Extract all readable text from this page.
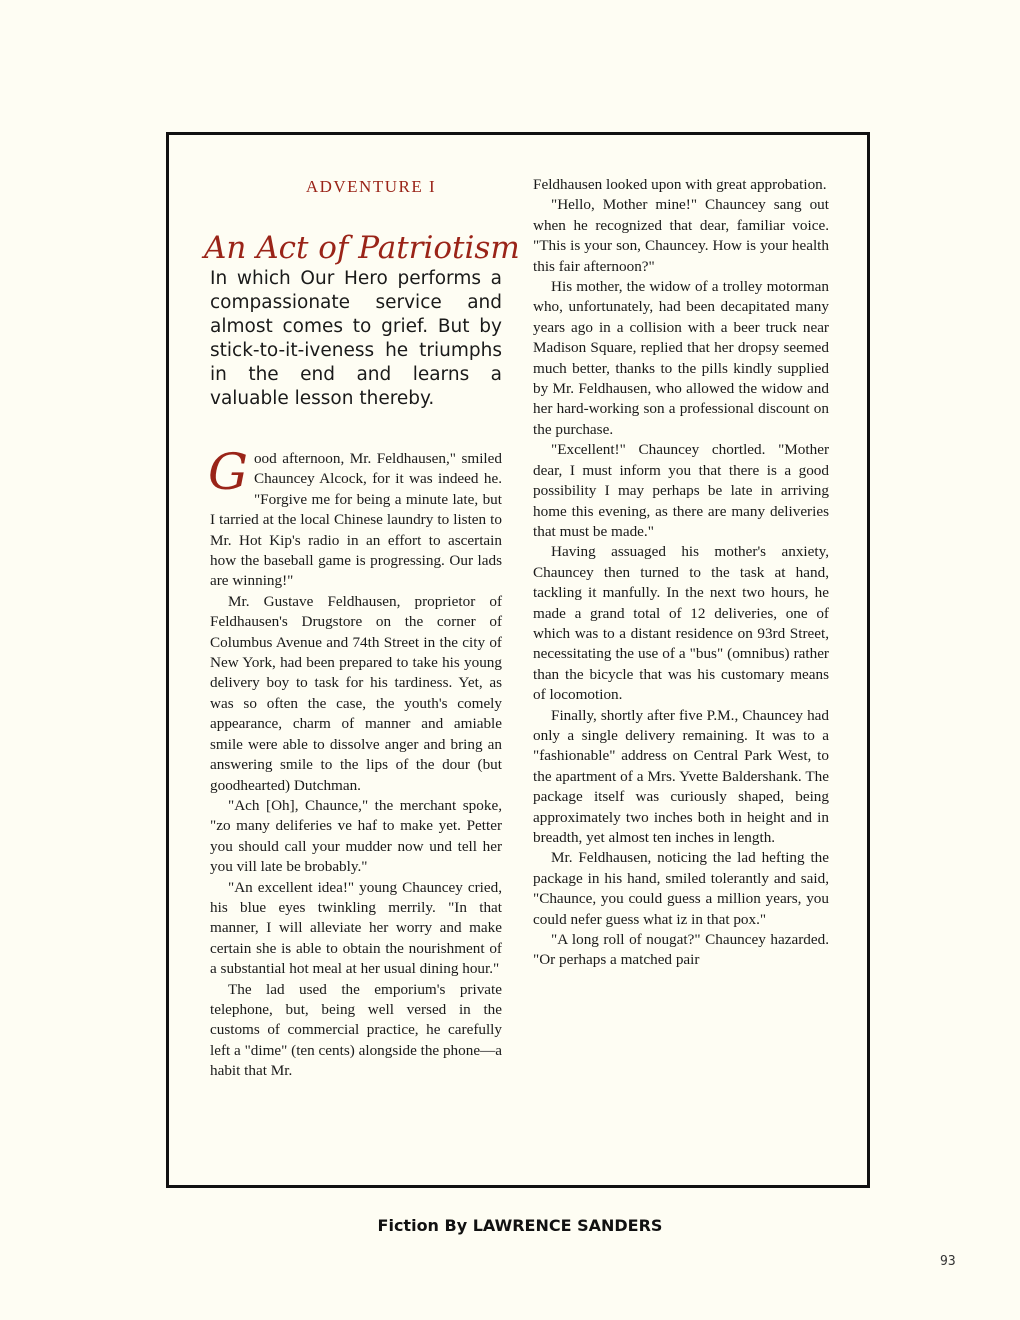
ADVENTURE I
An Act of Patriotism
In which Our Hero performs a compassionate service and almost comes to grief. But by stick-to-it-iveness he triumphs in the end and learns a valuable lesson thereby.

Good afternoon, Mr. Feldhausen," smiled Chauncey Alcock, for it was indeed he. "Forgive me for being a minute late, but I tarried at the local Chinese laundry to listen to Mr. Hot Kip's radio in an effort to ascertain how the baseball game is progressing. Our lads are winning!"

Mr. Gustave Feldhausen, proprietor of Feldhausen's Drugstore on the corner of Columbus Avenue and 74th Street in the city of New York, had been prepared to take his young delivery boy to task for his tardiness. Yet, as was so often the case, the youth's comely appearance, charm of manner and amiable smile were able to dissolve anger and bring an answering smile to the lips of the dour (but goodhearted) Dutchman.

"Ach [Oh], Chaunce," the merchant spoke, "zo many deliferies ve haf to make yet. Petter you should call your mudder now und tell her you vill late be brobably."

"An excellent idea!" young Chauncey cried, his blue eyes twinkling merrily. "In that manner, I will alleviate her worry and make certain she is able to obtain the nourishment of a substantial hot meal at her usual dining hour."

The lad used the emporium's private telephone, but, being well versed in the customs of commercial practice, he carefully left a "dime" (ten cents) alongside the phone—a habit that Mr.

Feldhausen looked upon with great approbation.

"Hello, Mother mine!" Chauncey sang out when he recognized that dear, familiar voice. "This is your son, Chauncey. How is your health this fair afternoon?"

His mother, the widow of a trolley motorman who, unfortunately, had been decapitated many years ago in a collision with a beer truck near Madison Square, replied that her dropsy seemed much better, thanks to the pills kindly supplied by Mr. Feldhausen, who allowed the widow and her hard-working son a professional discount on the purchase.

"Excellent!" Chauncey chortled. "Mother dear, I must inform you that there is a good possibility I may perhaps be late in arriving home this evening, as there are many deliveries that must be made."

Having assuaged his mother's anxiety, Chauncey then turned to the task at hand, tackling it manfully. In the next two hours, he made a grand total of 12 deliveries, one of which was to a distant residence on 93rd Street, necessitating the use of a "bus" (omnibus) rather than the bicycle that was his customary means of locomotion.

Finally, shortly after five P.M., Chauncey had only a single delivery remaining. It was to a "fashionable" address on Central Park West, to the apartment of a Mrs. Yvette Baldershank. The package itself was curiously shaped, being approximately two inches both in height and in breadth, yet almost ten inches in length.

Mr. Feldhausen, noticing the lad hefting the package in his hand, smiled tolerantly and said, "Chaunce, you could guess a million years, you could nefer guess what iz in that pox."

"A long roll of nougat?" Chauncey hazarded. "Or perhaps a matched pair

Fiction By LAWRENCE SANDERS
93
